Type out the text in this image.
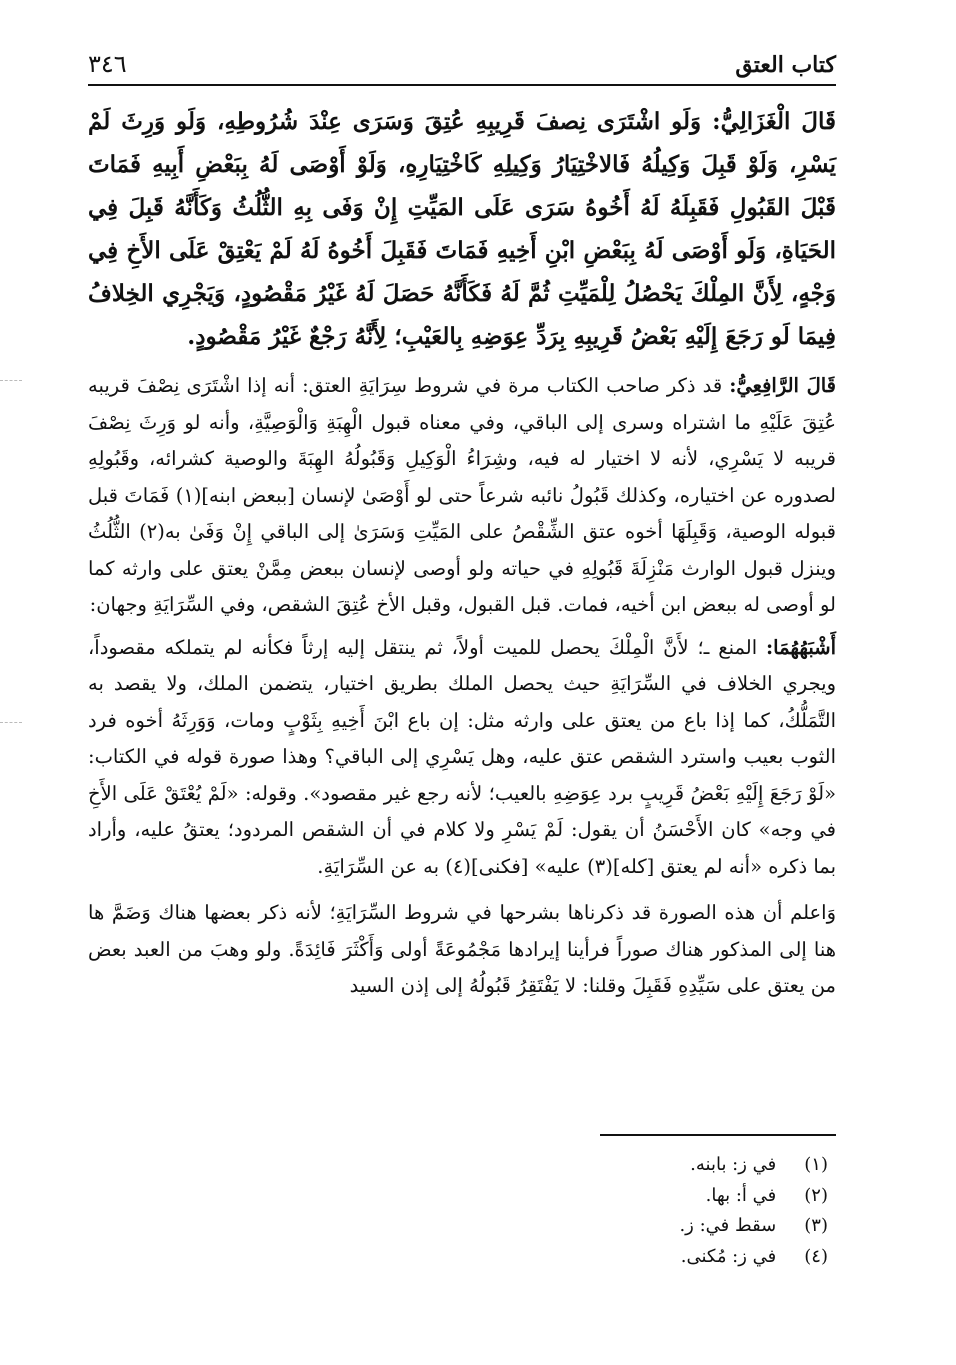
كتاب العتق
٣٤٦

قَالَ الْغَزَالِيُّ: وَلَو اشْتَرَى نِصفَ قَرِيبِهِ عُتِقَ وَسَرَى عِنْدَ شُرُوطِهِ، وَلَو وَرِثَ لَمْ يَسْرِ، وَلَوْ قَبِلَ وَكِيلُهُ فَالاخْتِيَارُ وَكِيلِهِ كَاخْتِيَارِهِ، وَلَوْ أَوْصَى لَهُ بِبَعْضِ أَبِيهِ فَمَاتَ قَبْلَ القَبُولِ فَقَبِلَهُ لَهُ أَخُوهُ سَرَى عَلَى المَيِّتِ إِنْ وَفَى بِهِ الثُّلُثُ وَكَأَنَّهُ قَبِلَ فِي الحَيَاةِ، وَلَو أَوْصَى لَهُ بِبَعْضِ ابْنِ أَخِيهِ فَمَاتَ فَقَبِلَ أَخُوهُ لَهُ لَمْ يَعْتِقْ عَلَى الأَخِ فِي وَجْهٍ، لِأَنَّ المِلْكَ يَحْصُلُ لِلْمَيِّتِ ثُمَّ لَهُ فَكَأَنَّهُ حَصَلَ لَهُ غَيْرُ مَقْصُودٍ، وَيَجْرِي الخِلافُ فِيمَا لَو رَجَعَ إِلَيْهِ بَعْضُ قَرِيبِهِ بِرَدِّ عِوَضِهِ بِالعَيْبِ؛ لِأَنَّهُ رَجْعٌ غَيْرُ مَقْصُودٍ.

قَالَ الرَّافِعِيُّ: قد ذكر صاحب الكتاب مرة في شروط سِرَايَةِ العتق: أنه إذا اشْتَرَى نِصْفَ قريبه عُتِقَ عَلَيْهِ ما اشتراه وسرى إلى الباقي، وفي معناه قبول الْهِبَةِ وَالْوَصِيَّةِ، وأنه لو وَرِثَ نِصْفَ قريبه لا يَسْرِي، لأنه لا اختيار له فيه، وشِرَاءُ الْوَكِيلِ وَقَبُولُهُ الهِبَةَ والوصية كشرائه، وقَبُولِهِ لصدوره عن اختياره، وكذلك قَبُولُ نائبه شرعاً حتى لو أَوْصَىٰ لإنسان [ببعض ابنه](١) فَمَاتَ قبل قبوله الوصية، وَقَبِلَهَا أخوه عتق الشِّقْصُ على المَيِّتِ وَسَرَىٰ إلى الباقي إِنْ وَفَىٰ به(٢) الثُّلُثُ وينزل قبول الوارث مَنْزِلَةَ قَبُولِهِ في حياته ولو أوصى لإنسان ببعض مِمَّنْ يعتق على وارثه كما لو أوصى له ببعض ابن أخيه، فمات. قبل القبول، وقبل الأخ عُتِقَ الشقص، وفي السِّرَايَةِ وجهان:

أَشْبَهُهُمَا: المنع ـ؛ لأَنَّ الْمِلْكَ يحصل للميت أولاً، ثم ينتقل إليه إرثاً فكأنه لم يتملكه مقصوداً، ويجري الخلاف في السِّرَايَةِ حيث يحصل الملك بطريق اختيار، يتضمن الملك، ولا يقصد به التَّمَلُّكُ، كما إذا باع من يعتق على وارثه مثل: إن باع ابْنَ أَخِيهِ بِثَوْبٍ ومات، وَوَرِثَهُ أخوه فرد الثوب بعيب واسترد الشقص عتق عليه، وهل يَسْرِي إلى الباقي؟ وهذا صورة قوله في الكتاب: «لَوْ رَجَعَ إِلَيْهِ بَعْضُ قَرِيبٍ برد عِوَضِهِ بالعيب؛ لأنه رجع غير مقصود». وقوله: «لَمْ يُعْتَقْ عَلَى الأَخِ في وجه» كان الأَحْسَنُ أن يقول: لَمْ يَسْرِ ولا كلام في أن الشقص المردود؛ يعتقُ عليه، وأراد بما ذكره «أنه لم يعتق [كله](٣) عليه» [فكنى](٤) به عن السِّرَايَةِ.

وَاعلم أن هذه الصورة قد ذكرناها بشرحها في شروط السِّرَايَةِ؛ لأنه ذكر بعضها هناك وَضَمَّ ها هنا إلى المذكور هناك صوراً فرأينا إيرادها مَجْمُوعَةً أولى وَأَكْثَرَ فَائِدَةً. ولو وهبَ من العبد بعض من يعتق على سَيِّدِهِ فَقَبِلَ وقلنا: لا يَفْتَقِرُ قَبُولُهُ إلى إذن السيد

(١) في ز: بابنه.
(٢) في أ: بها.
(٣) سقط في: ز.
(٤) في ز: مُكنى.
